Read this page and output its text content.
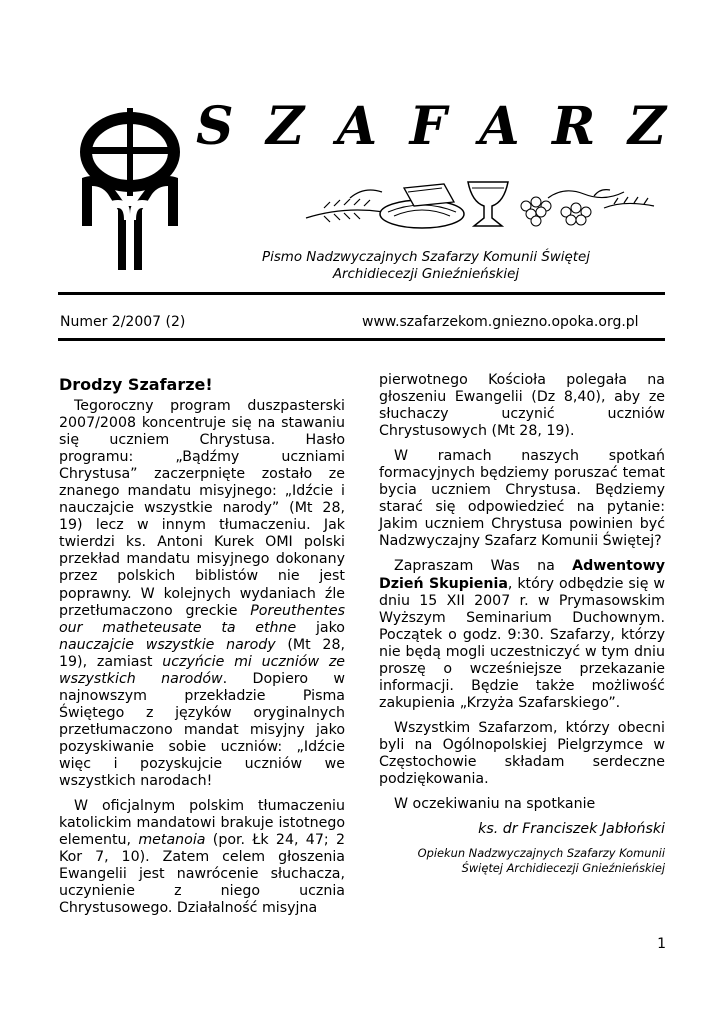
S Z A F A R Z
Pismo Nadzwyczajnych Szafarzy Komunii Świętej
Archidiecezji Gnieźnieńskiej
Numer 2/2007 (2)	www.szafarzekom.gniezno.opoka.org.pl

Drodzy Szafarze!

Tegoroczny program duszpasterski 2007/2008 koncentruje się na stawaniu się uczniem Chrystusa. Hasło programu: „Bądźmy uczniami Chrystusa” zaczerpnięte zostało ze znanego mandatu misyjnego: „Idźcie i nauczajcie wszystkie narody” (Mt 28, 19) lecz w innym tłumaczeniu. Jak twierdzi ks. Antoni Kurek OMI polski przekład mandatu misyjnego dokonany przez polskich biblistów nie jest poprawny. W kolejnych wydaniach źle przetłumaczono greckie Poreuthentes our matheteusate ta ethne jako nauczajcie wszystkie narody (Mt 28, 19), zamiast uczyńcie mi uczniów ze wszystkich narodów. Dopiero w najnowszym przekładzie Pisma Świętego z języków oryginalnych przetłumaczono mandat misyjny jako pozyskiwanie sobie uczniów: „Idźcie więc i pozyskujcie uczniów we wszystkich narodach!

W oficjalnym polskim tłumaczeniu katolickim mandatowi brakuje istotnego elementu, metanoia (por. Łk 24, 47; 2 Kor 7, 10). Zatem celem głoszenia Ewangelii jest nawrócenie słuchacza, uczynienie z niego ucznia Chrystusowego. Działalność misyjna

pierwotnego Kościoła polegała na głoszeniu Ewangelii (Dz 8,40), aby ze słuchaczy uczynić uczniów Chrystusowych (Mt 28, 19).

W ramach naszych spotkań formacyjnych będziemy poruszać temat bycia uczniem Chrystusa. Będziemy starać się odpowiedzieć na pytanie: Jakim uczniem Chrystusa powinien być Nadzwyczajny Szafarz Komunii Świętej?

Zapraszam Was na Adwentowy Dzień Skupienia, który odbędzie się w dniu 15 XII 2007 r. w Prymasowskim Wyższym Seminarium Duchownym. Początek o godz. 9:30. Szafarzy, którzy nie będą mogli uczestniczyć w tym dniu proszę o wcześniejsze przekazanie informacji. Będzie także możliwość zakupienia „Krzyża Szafarskiego”.

Wszystkim Szafarzom, którzy obecni byli na Ogólnopolskiej Pielgrzymce w Częstochowie składam serdeczne podziękowania.

W oczekiwaniu na spotkanie

ks. dr Franciszek Jabłoński

Opiekun Nadzwyczajnych Szafarzy Komunii
Świętej Archidiecezji Gnieźnieńskiej
1
